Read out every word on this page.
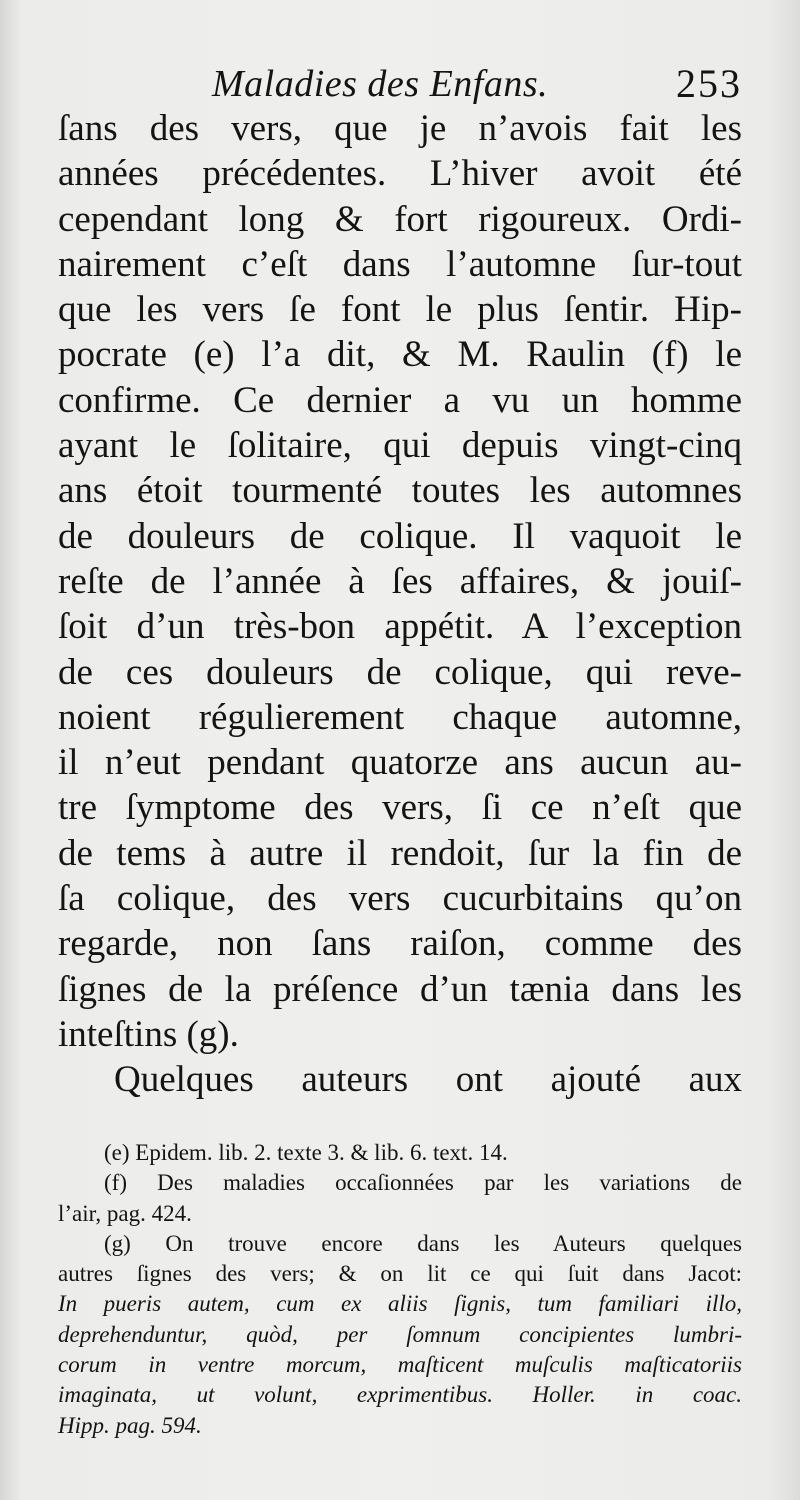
Maladies des Enfans.	253
ſans des vers, que je n’avois fait les
années précédentes. L’hiver avoit été
cependant long & fort rigoureux. Ordi-
nairement c’eſt dans l’automne ſur-tout
que les vers ſe font le plus ſentir. Hip-
pocrate (e) l’a dit, & M. Raulin (f) le
confirme. Ce dernier a vu un homme
ayant le ſolitaire, qui depuis vingt-cinq
ans étoit tourmenté toutes les automnes
de douleurs de colique. Il vaquoit le
reſte de l’année à ſes affaires, & jouiſ-
ſoit d’un très-bon appétit. A l’exception
de ces douleurs de colique, qui reve-
noient régulierement chaque automne,
il n’eut pendant quatorze ans aucun au-
tre ſymptome des vers, ſi ce n’eſt que
de tems à autre il rendoit, ſur la fin de
ſa colique, des vers cucurbitains qu’on
regarde, non ſans raiſon, comme des
ſignes de la préſence d’un tænia dans les
inteſtins (g).
Quelques auteurs ont ajouté aux
(e) Epidem. lib. 2. texte 3. & lib. 6. text. 14.
(f) Des maladies occaſionnées par les variations de
l’air, pag. 424.
(g) On trouve encore dans les Auteurs quelques
autres ſignes des vers; & on lit ce qui ſuit dans Jacot:
In pueris autem, cum ex aliis ſignis, tum familiari illo,
deprehenduntur, quòd, per ſomnum concipientes lumbri-
corum in ventre morcum, maſticent muſculis maſticatoriis
imaginata, ut volunt, exprimentibus. Holler. in coac.
Hipp. pag. 594.
